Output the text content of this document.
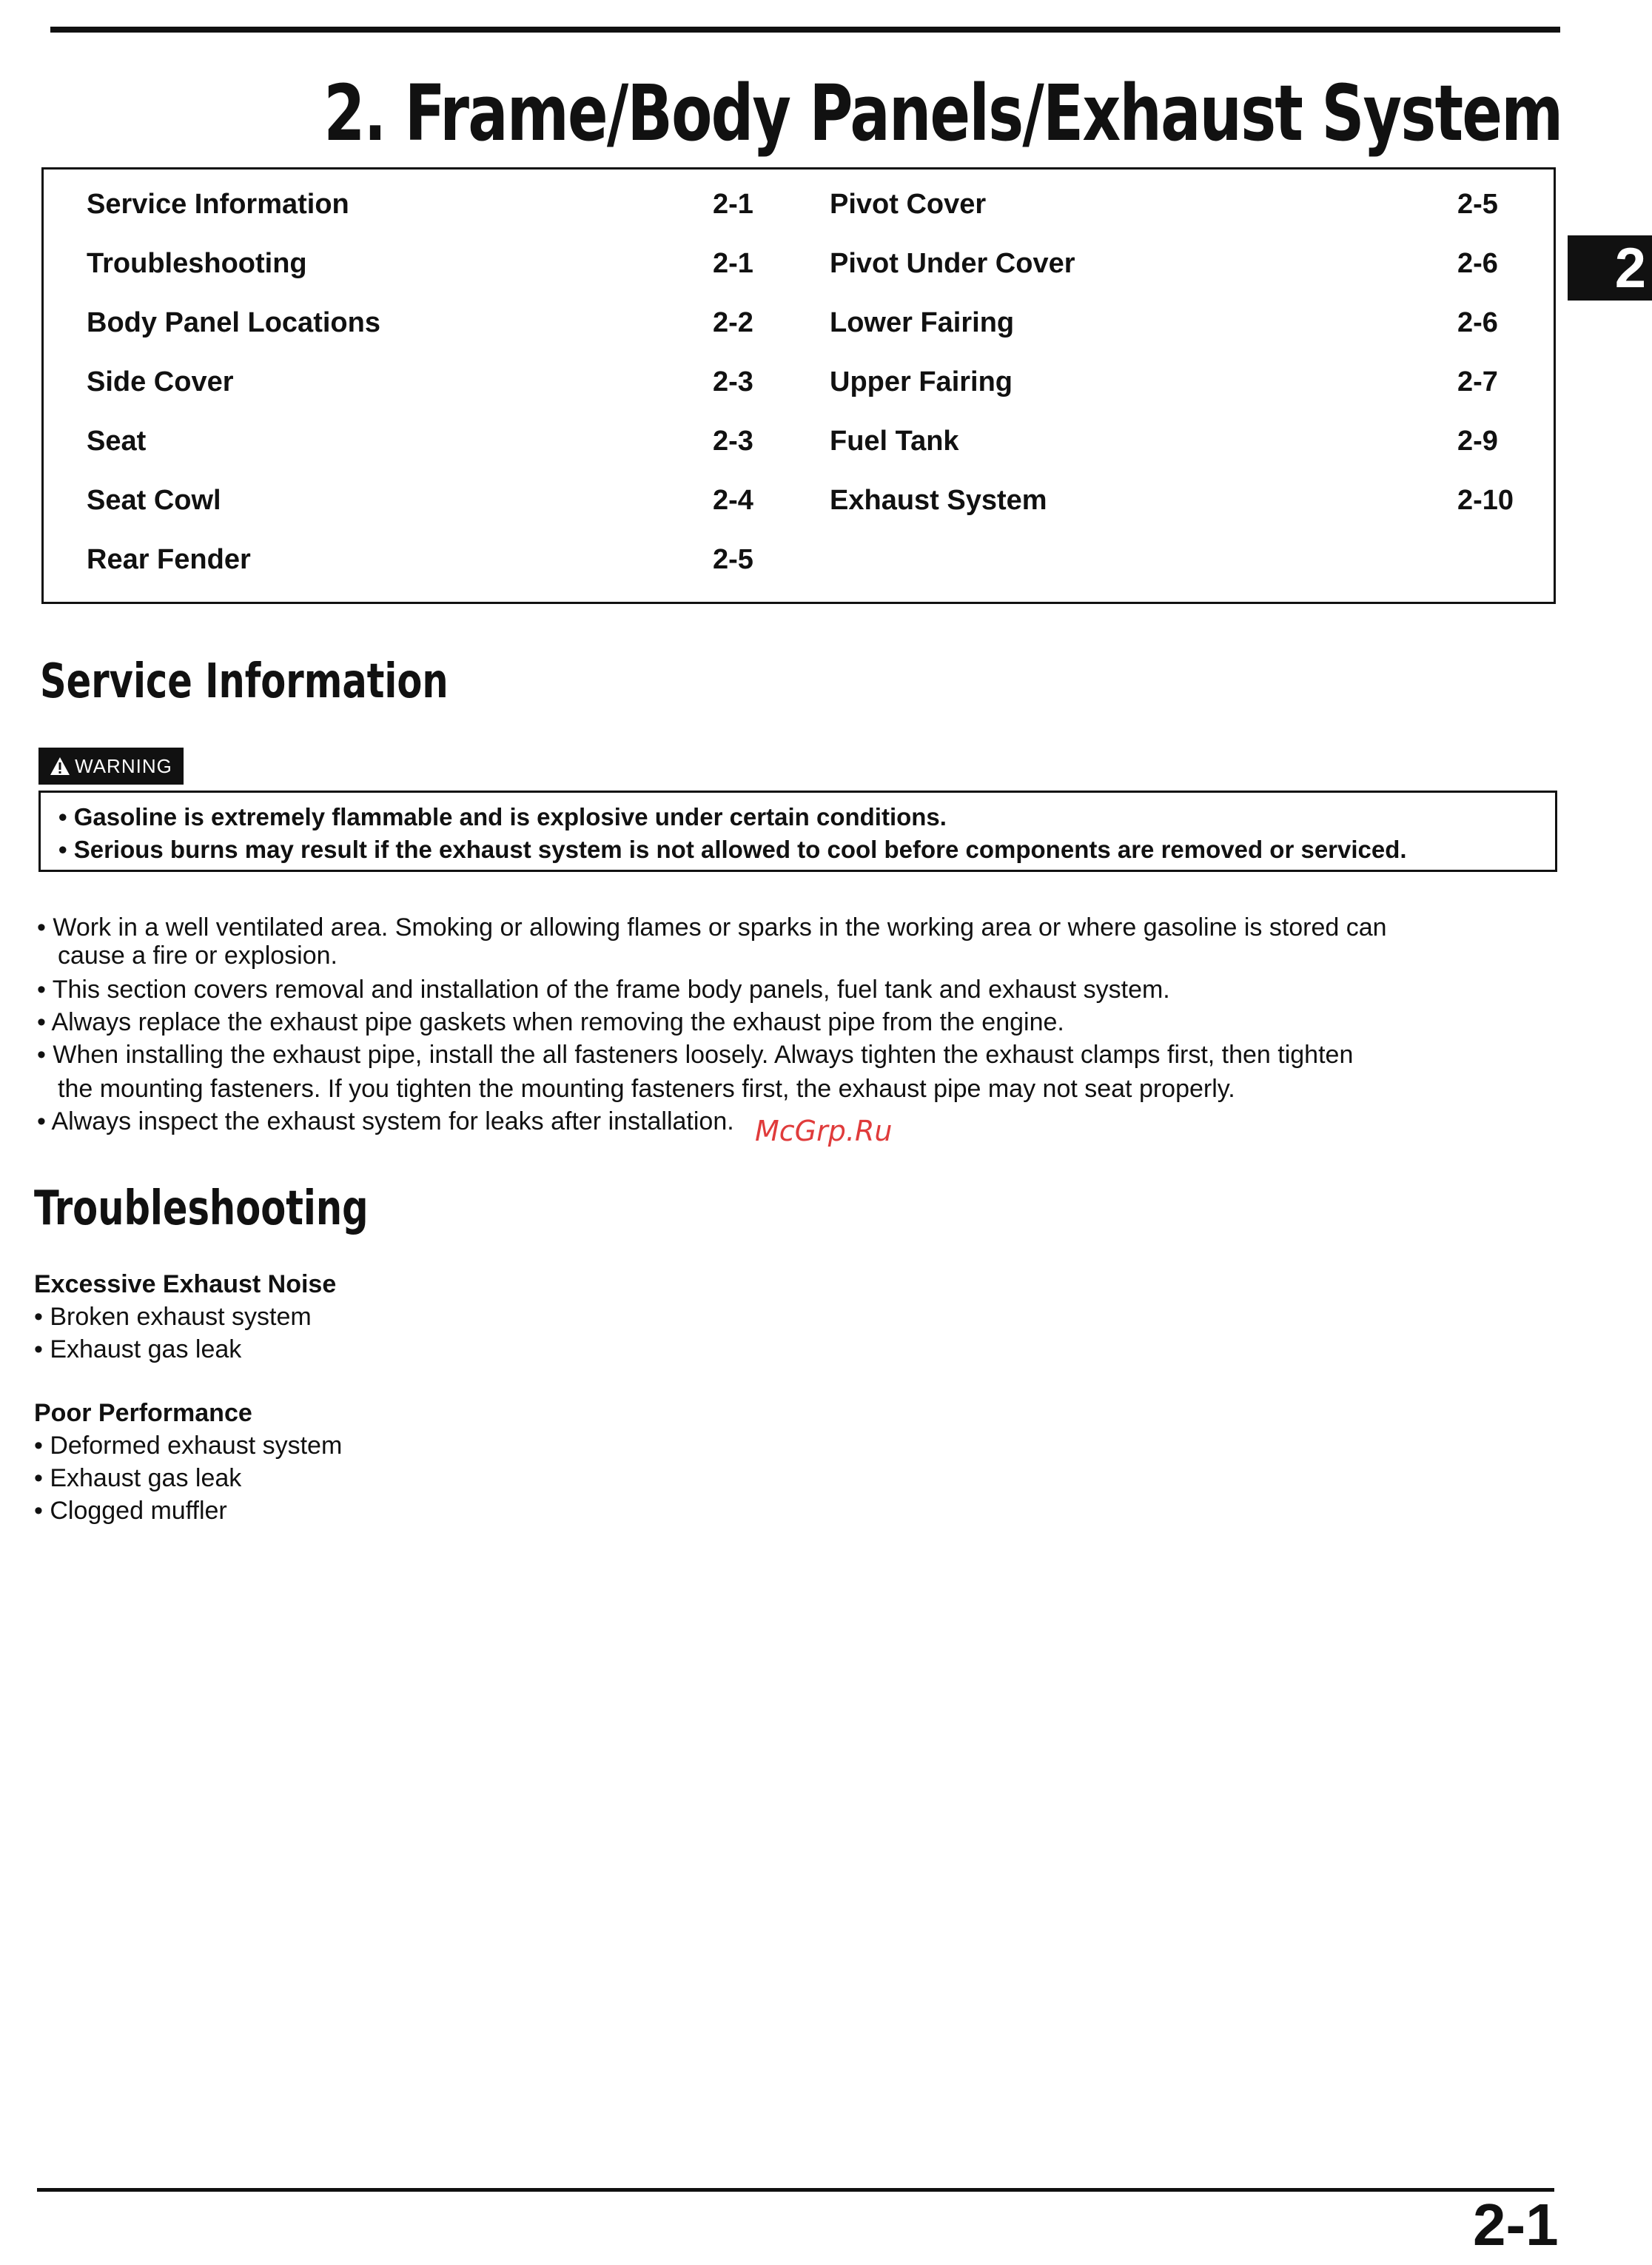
2. Frame/Body Panels/Exhaust System
2
Service Information	2-1
Troubleshooting	2-1
Body Panel Locations	2-2
Side Cover	2-3
Seat	2-3
Seat Cowl	2-4
Rear Fender	2-5
Pivot Cover	2-5
Pivot Under Cover	2-6
Lower Fairing	2-6
Upper Fairing	2-7
Fuel Tank	2-9
Exhaust System	2-10
Service Information
WARNING
• Gasoline is extremely flammable and is explosive under certain conditions.
• Serious burns may result if the exhaust system is not allowed to cool before components are removed or serviced.
• Work in a well ventilated area. Smoking or allowing flames or sparks in the working area or where gasoline is stored can
cause a fire or explosion.
• This section covers removal and installation of the frame body panels, fuel tank and exhaust system.
• Always replace the exhaust pipe gaskets when removing the exhaust pipe from the engine.
• When installing the exhaust pipe, install the all fasteners loosely. Always tighten the exhaust clamps first, then tighten
the mounting fasteners. If you tighten the mounting fasteners first, the exhaust pipe may not seat properly.
• Always inspect the exhaust system for leaks after installation. McGrp.Ru
Troubleshooting
Excessive Exhaust Noise
• Broken exhaust system
• Exhaust gas leak
Poor Performance
• Deformed exhaust system
• Exhaust gas leak
• Clogged muffler
2-1
